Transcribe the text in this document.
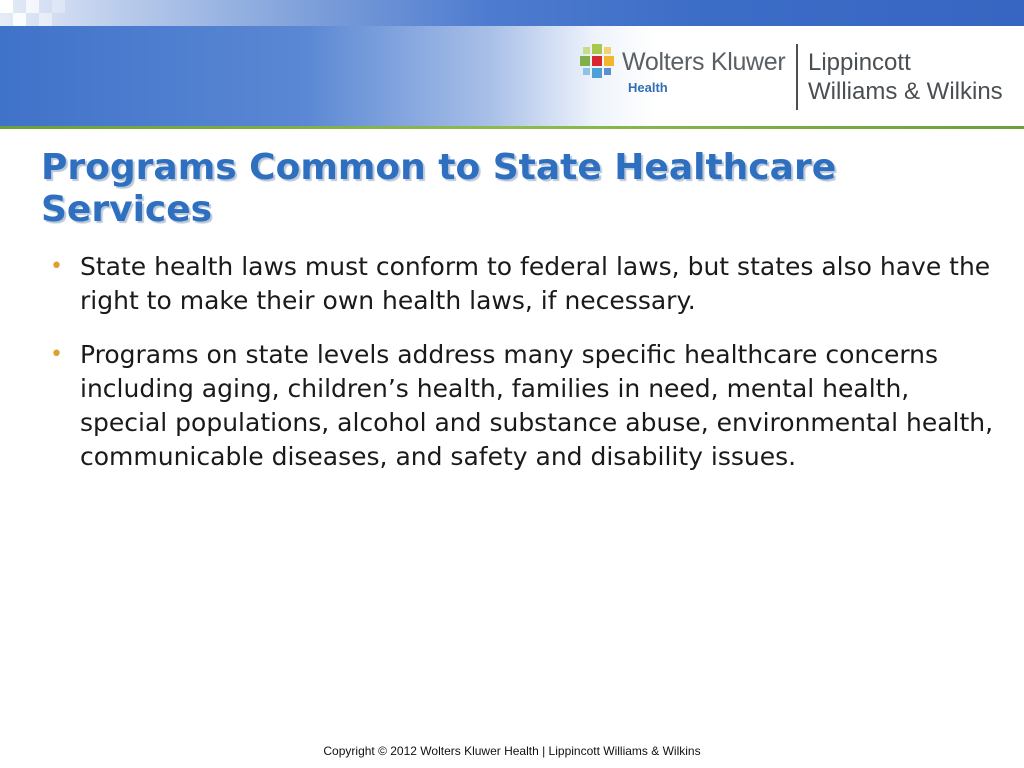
Wolters Kluwer
Health
Lippincott
Williams & Wilkins
Programs Common to State Healthcare Services
• State health laws must conform to federal laws, but states also have the right to make their own health laws, if necessary.
• Programs on state levels address many specific healthcare concerns including aging, children’s health, families in need, mental health, special populations, alcohol and substance abuse, environmental health, communicable diseases, and safety and disability issues.
Copyright © 2012 Wolters Kluwer Health | Lippincott Williams & Wilkins
